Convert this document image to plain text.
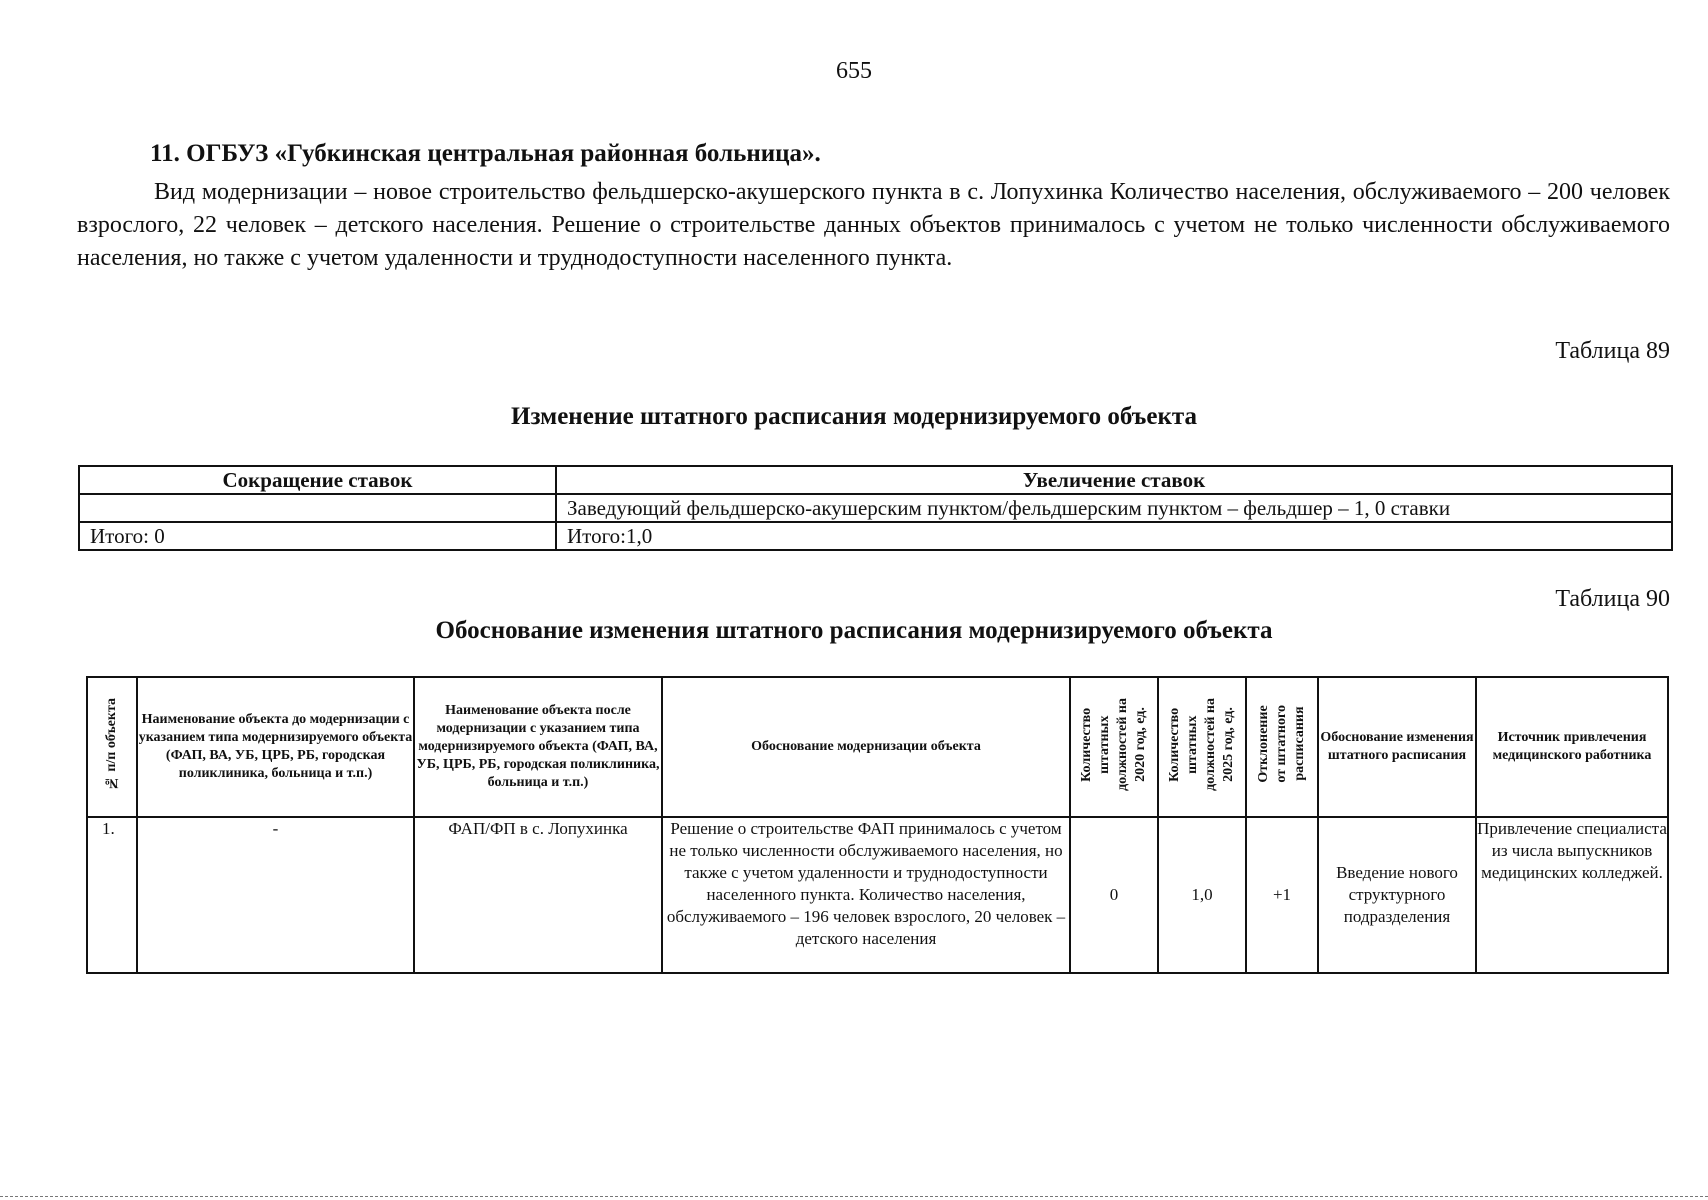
655
11. ОГБУЗ «Губкинская центральная районная больница».

Вид модернизации – новое строительство фельдшерско-акушерского пункта в с. Лопухинка Количество населения, обслуживаемого – 200 человек взрослого, 22 человек – детского населения. Решение о строительстве данных объектов принималось с учетом не только численности обслуживаемого населения, но также с учетом удаленности и труднодоступности населенного пункта.

Таблица 89
Изменение штатного расписания модернизируемого объекта
Сокращение ставок	Увеличение ставок
	Заведующий фельдшерско-акушерским пунктом/фельдшерским пунктом – фельдшер – 1, 0 ставки
Итого: 0	Итого:1,0
Таблица 90
Обоснование изменения штатного расписания модернизируемого объекта
№ п/п объекта	Наименование объекта до модернизации с указанием типа модернизируемого объекта (ФАП, ВА, УБ, ЦРБ, РБ, городская поликлиника, больница и т.п.)	Наименование объекта после модернизации с указанием типа модернизируемого объекта (ФАП, ВА, УБ, ЦРБ, РБ, городская поликлиника, больница и т.п.)	Обоснование модернизации объекта	Количество
штатных
должностей на
2020 год, ед.	Количество
штатных
должностей на
2025 год, ед.	Отклонение
от штатного
расписания	Обоснование изменения штатного расписания	Источник привлечения медицинского работника
1.	-	ФАП/ФП в с. Лопухинка	Решение о строительстве ФАП принималось с учетом не только численности обслуживаемого населения, но также с учетом удаленности и труднодоступности населенного пункта. Количество населения, обслуживаемого – 196 человек взрослого, 20 человек – детского населения	0	1,0	+1	Введение нового структурного подразделения	Привлечение специалиста из числа выпускников медицинских колледжей.
